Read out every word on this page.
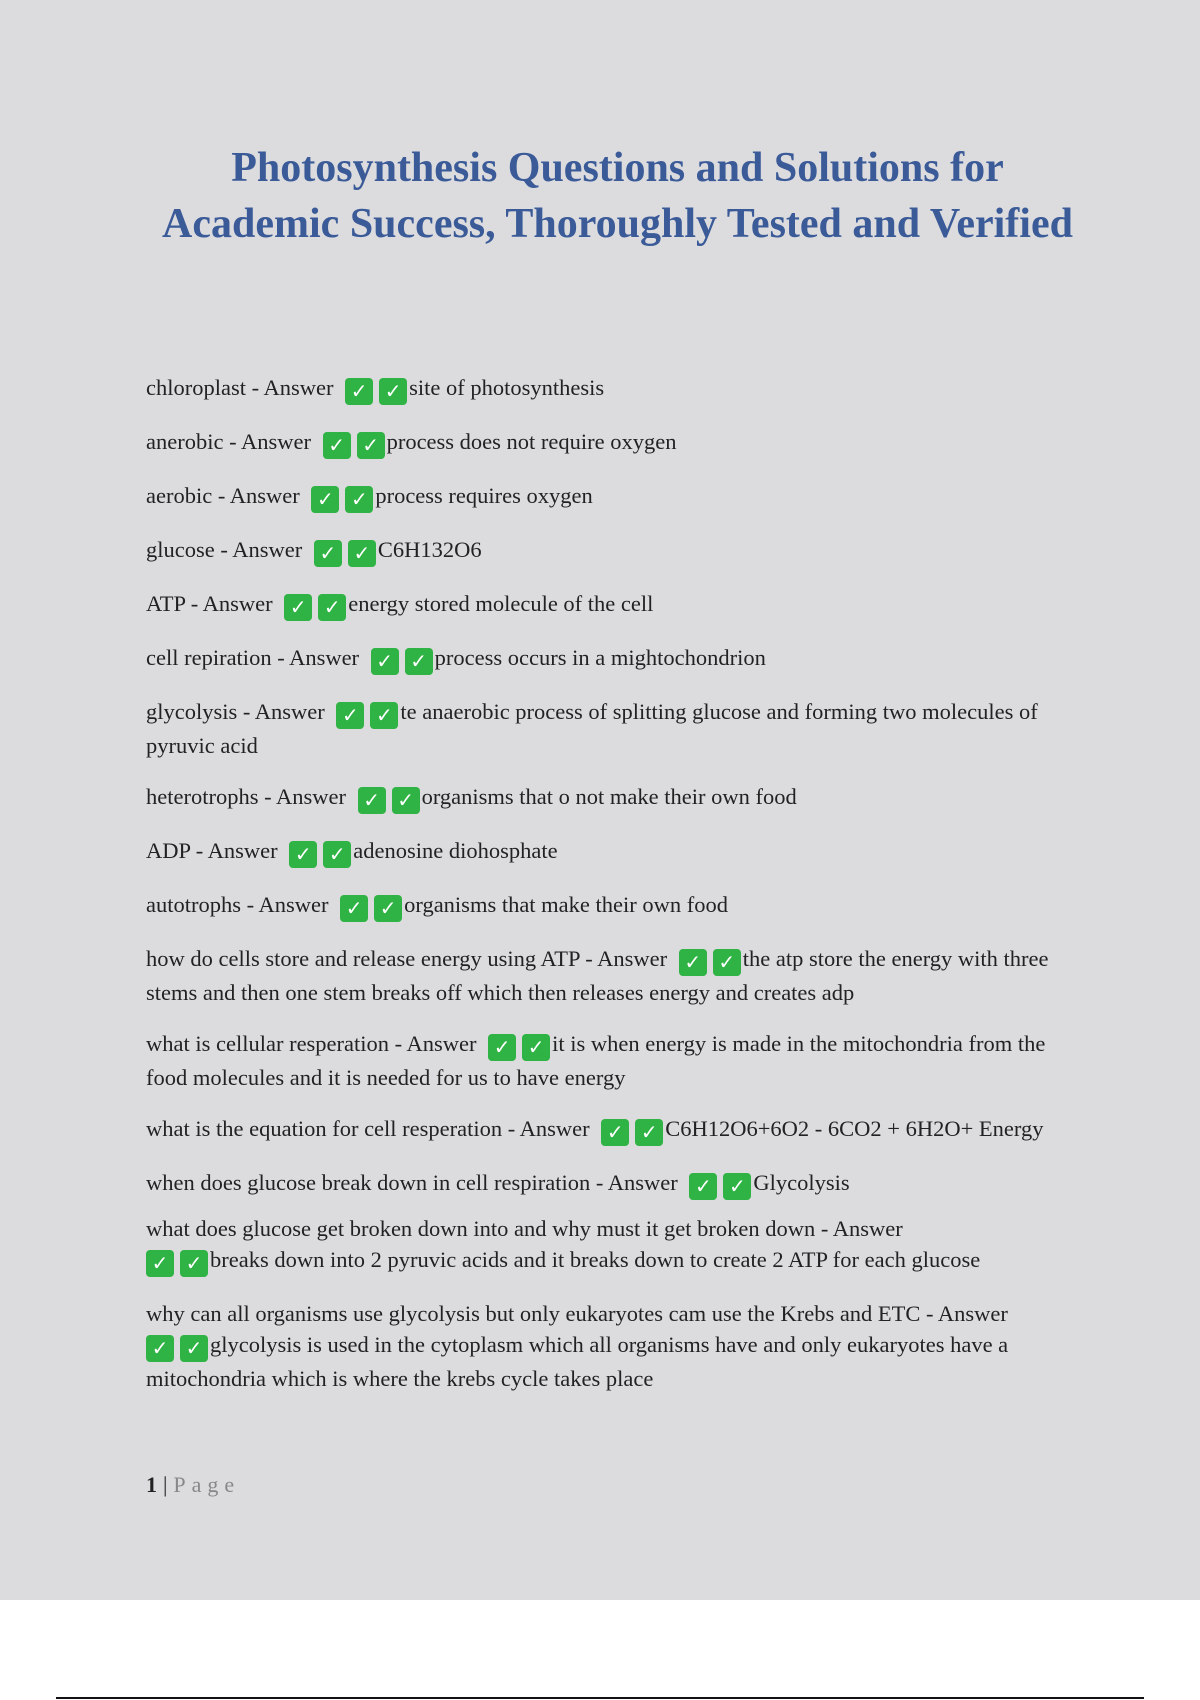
Photosynthesis Questions and Solutions for Academic Success, Thoroughly Tested and Verified
chloroplast - Answer ✓ ✓ site of photosynthesis
anerobic - Answer ✓ ✓ process does not require oxygen
aerobic - Answer ✓ ✓ process requires oxygen
glucose - Answer ✓ ✓ C6H132O6
ATP - Answer ✓ ✓ energy stored molecule of the cell
cell repiration - Answer ✓ ✓ process occurs in a mightochondrion
glycolysis - Answer ✓ ✓ te anaerobic process of splitting glucose and forming two molecules of pyruvic acid
heterotrophs - Answer ✓ ✓ organisms that o not make their own food
ADP - Answer ✓ ✓ adenosine diohosphate
autotrophs - Answer ✓ ✓ organisms that make their own food
how do cells store and release energy using ATP - Answer ✓ ✓ the atp store the energy with three stems and then one stem breaks off which then releases energy and creates adp
what is cellular resperation - Answer ✓ ✓ it is when energy is made in the mitochondria from the food molecules and it is needed for us to have energy
what is the equation for cell resperation - Answer ✓ ✓ C6H12O6+6O2 - 6CO2 + 6H2O+ Energy
when does glucose break down in cell respiration - Answer ✓ ✓ Glycolysis
what does glucose get broken down into and why must it get broken down - Answer
✓ ✓ breaks down into 2 pyruvic acids and it breaks down to create 2 ATP for each glucose
why can all organisms use glycolysis but only eukaryotes cam use the Krebs and ETC - Answer
✓ ✓ glycolysis is used in the cytoplasm which all organisms have and only eukaryotes have a mitochondria which is where the krebs cycle takes place
1 | Page
